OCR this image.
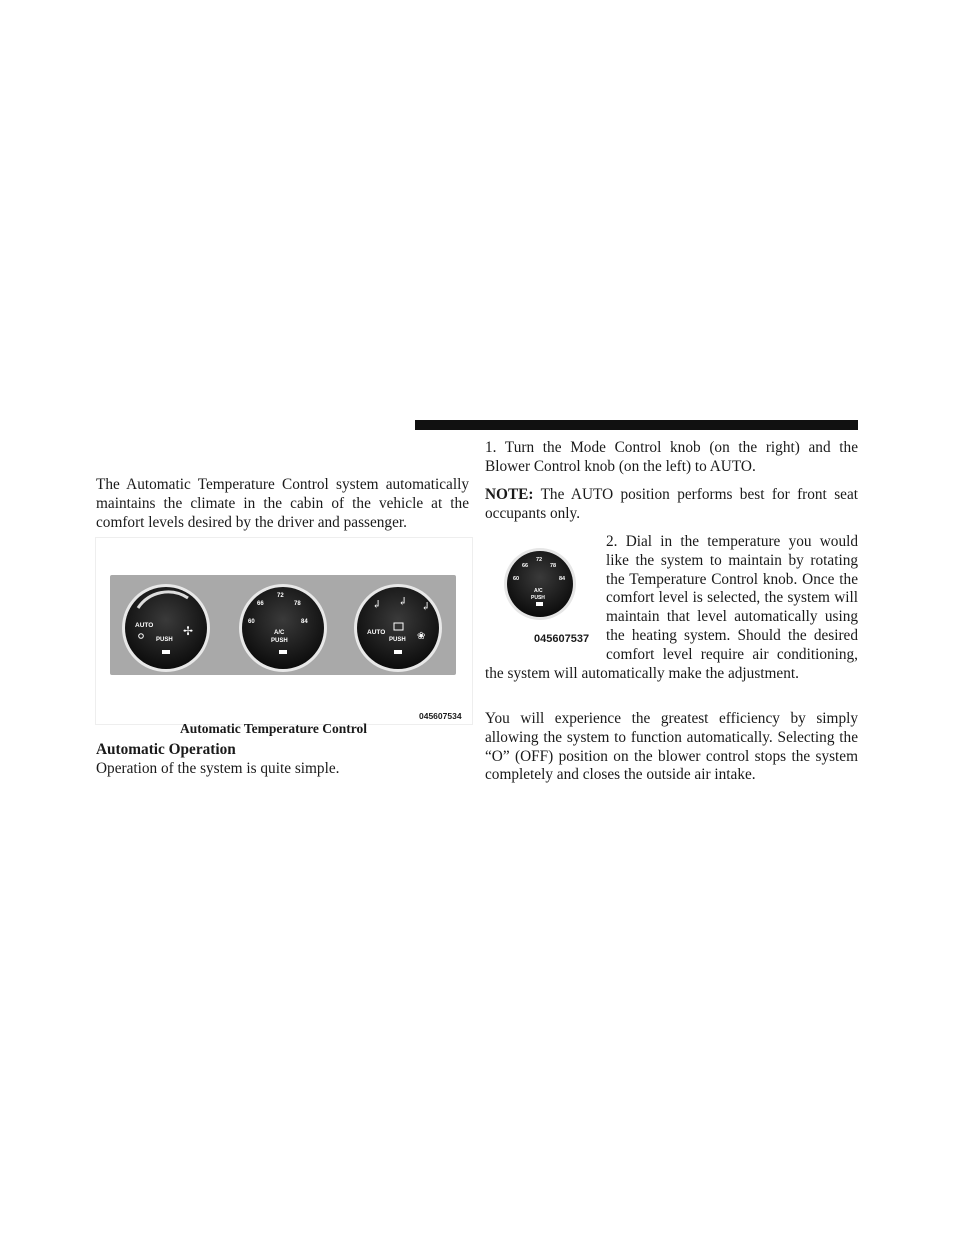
The Automatic Temperature Control system automatically maintains the climate in the cabin of the vehicle at the comfort levels desired by the driver and passenger.

AUTO
PUSH
✢
66
72
78
60	84
A/C
PUSH
↲ ↲ ↲
AUTO
PUSH ❀
045607534
Automatic Temperature Control
Automatic Operation

Operation of the system is quite simple.

1. Turn the Mode Control knob (on the right) and the Blower Control knob (on the left) to AUTO.

NOTE: The AUTO position performs best for front seat occupants only.

66
72
78
60	84
A/C
PUSH
045607537

2. Dial in the temperature you would like the system to maintain by rotating the Temperature Control knob. Once the comfort level is selected, the system will maintain that level automatically using the heating system. Should the desired comfort level require air conditioning, the system will automatically make the adjustment.

You will experience the greatest efficiency by simply allowing the system to function automatically. Selecting the “O” (OFF) position on the blower control stops the system completely and closes the outside air intake.
